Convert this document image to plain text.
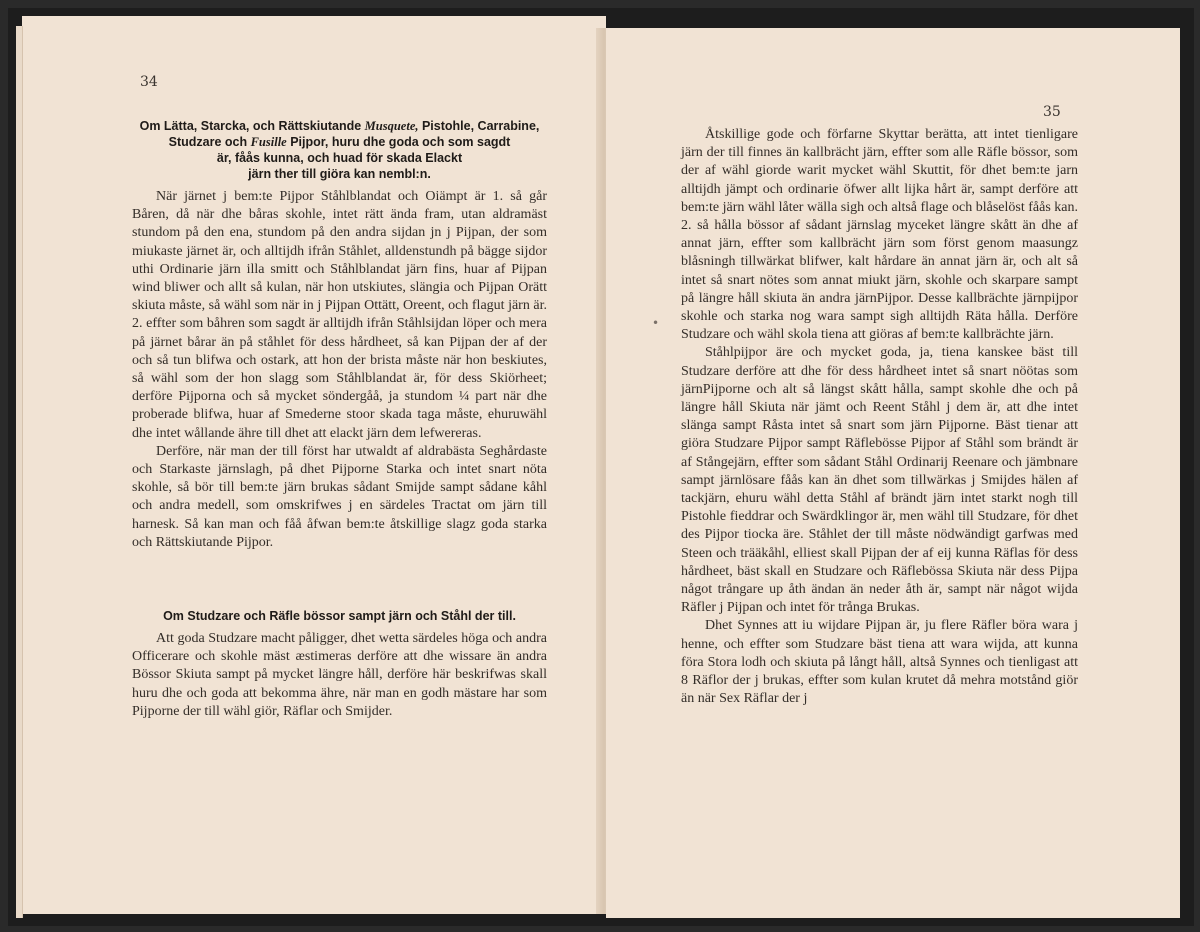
34
Om Lätta, Starcka, och Rättskiutande Musquete, Pistohle, Carrabine,
Studzare och Fusille Pijpor, huru dhe goda och som sagdt
är, fåås kunna, och huad för skada Elackt
järn ther till giöra kan nembl:n.

När järnet j bem:te Pijpor Ståhlblandat och Oiämpt är 1. så går Båren, då när dhe båras skohle, intet rätt ända fram, utan aldramäst stundom på den ena, stundom på den andra sijdan jn j Pijpan, der som miukaste järnet är, och alltijdh ifrån Ståhlet, alldenstundh på bägge sijdor uthi Ordinarie järn illa smitt och Ståhlblandat järn fins, huar af Pijpan wind bliwer och allt så kulan, när hon utskiutes, slängia och Pijpan Orätt skiuta måste, så wähl som när in j Pijpan Ottätt, Oreent, och flagut järn är. 2. effter som båhren som sagdt är alltijdh ifrån Ståhlsijdan löper och mera på järnet bårar än på ståhlet för dess hårdheet, så kan Pijpan der af der och så tun blifwa och ostark, att hon der brista måste när hon beskiutes, så wähl som der hon slagg som Ståhlblandat är, för dess Skiörheet; derföre Pijporna och så mycket söndergåå, ja stundom ¼ part när dhe proberade blifwa, huar af Smederne stoor skada taga måste, ehuruwähl dhe intet wållande ähre till dhet att elackt järn dem lefwereras.

Derföre, när man der till först har utwaldt af aldrabästa Seghårdaste och Starkaste järnslagh, på dhet Pijporne Starka och intet snart nöta skohle, så bör till bem:te järn brukas sådant Smijde sampt sådane kåhl och andra medell, som omskrifwes j en särdeles Tractat om järn till harnesk. Så kan man och fåå åfwan bem:te åtskillige slagz goda starka och Rättskiutande Pijpor.

Om Studzare och Räfle bössor sampt järn och Ståhl der till.

Att goda Studzare macht påligger, dhet wetta särdeles höga och andra Officerare och skohle mäst æstimeras derföre att dhe wissare än andra Bössor Skiuta sampt på mycket längre håll, derföre här beskrifwas skall huru dhe och goda att bekomma ähre, när man en godh mästare har som Pijporne der till wähl giör, Räflar och Smijder.

35

Åtskillige gode och förfarne Skyttar berätta, att intet tienligare järn der till finnes än kallbrächt järn, effter som alle Räfle bössor, som der af wähl giorde warit mycket wähl Skuttit, för dhet bem:te jarn alltijdh jämpt och ordinarie öfwer allt lijka hårt är, sampt derföre att bem:te järn wähl låter wälla sigh och altså flage och blåselöst fåås kan. 2. så hålla bössor af sådant järnslag myceket längre skått än dhe af annat järn, effter som kallbrächt järn som först genom maasungz blåsningh tillwärkat blifwer, kalt hårdare än annat järn är, och alt så intet så snart nötes som annat miukt järn, skohle och skarpare sampt på längre håll skiuta än andra järnPijpor. Desse kallbrächte järnpijpor skohle och starka nog wara sampt sigh alltijdh Räta hålla. Derföre Studzare och wähl skola tiena att giöras af bem:te kallbrächte järn.

Ståhlpijpor äre och mycket goda, ja, tiena kanskee bäst till Studzare derföre att dhe för dess hårdheet intet så snart nöötas som järnPijporne och alt så längst skått hålla, sampt skohle dhe och på längre håll Skiuta när jämt och Reent Ståhl j dem är, att dhe intet slänga sampt Råsta intet så snart som järn Pijporne. Bäst tienar att giöra Studzare Pijpor sampt Räflebösse Pijpor af Ståhl som brändt är af Stångejärn, effter som sådant Ståhl Ordinarij Reenare och jämbnare sampt järnlösare fåås kan än dhet som tillwärkas j Smijdes hälen af tackjärn, ehuru wähl detta Ståhl af brändt järn intet starkt nogh till Pistohle fieddrar och Swärdklingor är, men wähl till Studzare, för dhet des Pijpor tiocka äre. Ståhlet der till måste nödwändigt garfwas med Steen och trääkåhl, elliest skall Pijpan der af eij kunna Räflas för dess hårdheet, bäst skall en Studzare och Räflebössa Skiuta när dess Pijpa något trångare up åth ändan än neder åth är, sampt när något wijda Räfler j Pijpan och intet för trånga Brukas.

Dhet Synnes att iu wijdare Pijpan är, ju flere Räfler böra wara j henne, och effter som Studzare bäst tiena att wara wijda, att kunna föra Stora lodh och skiuta på långt håll, altså Synnes och tienligast att 8 Räflor der j brukas, effter som kulan krutet då mehra motstånd giör än när Sex Räflar der j

•
